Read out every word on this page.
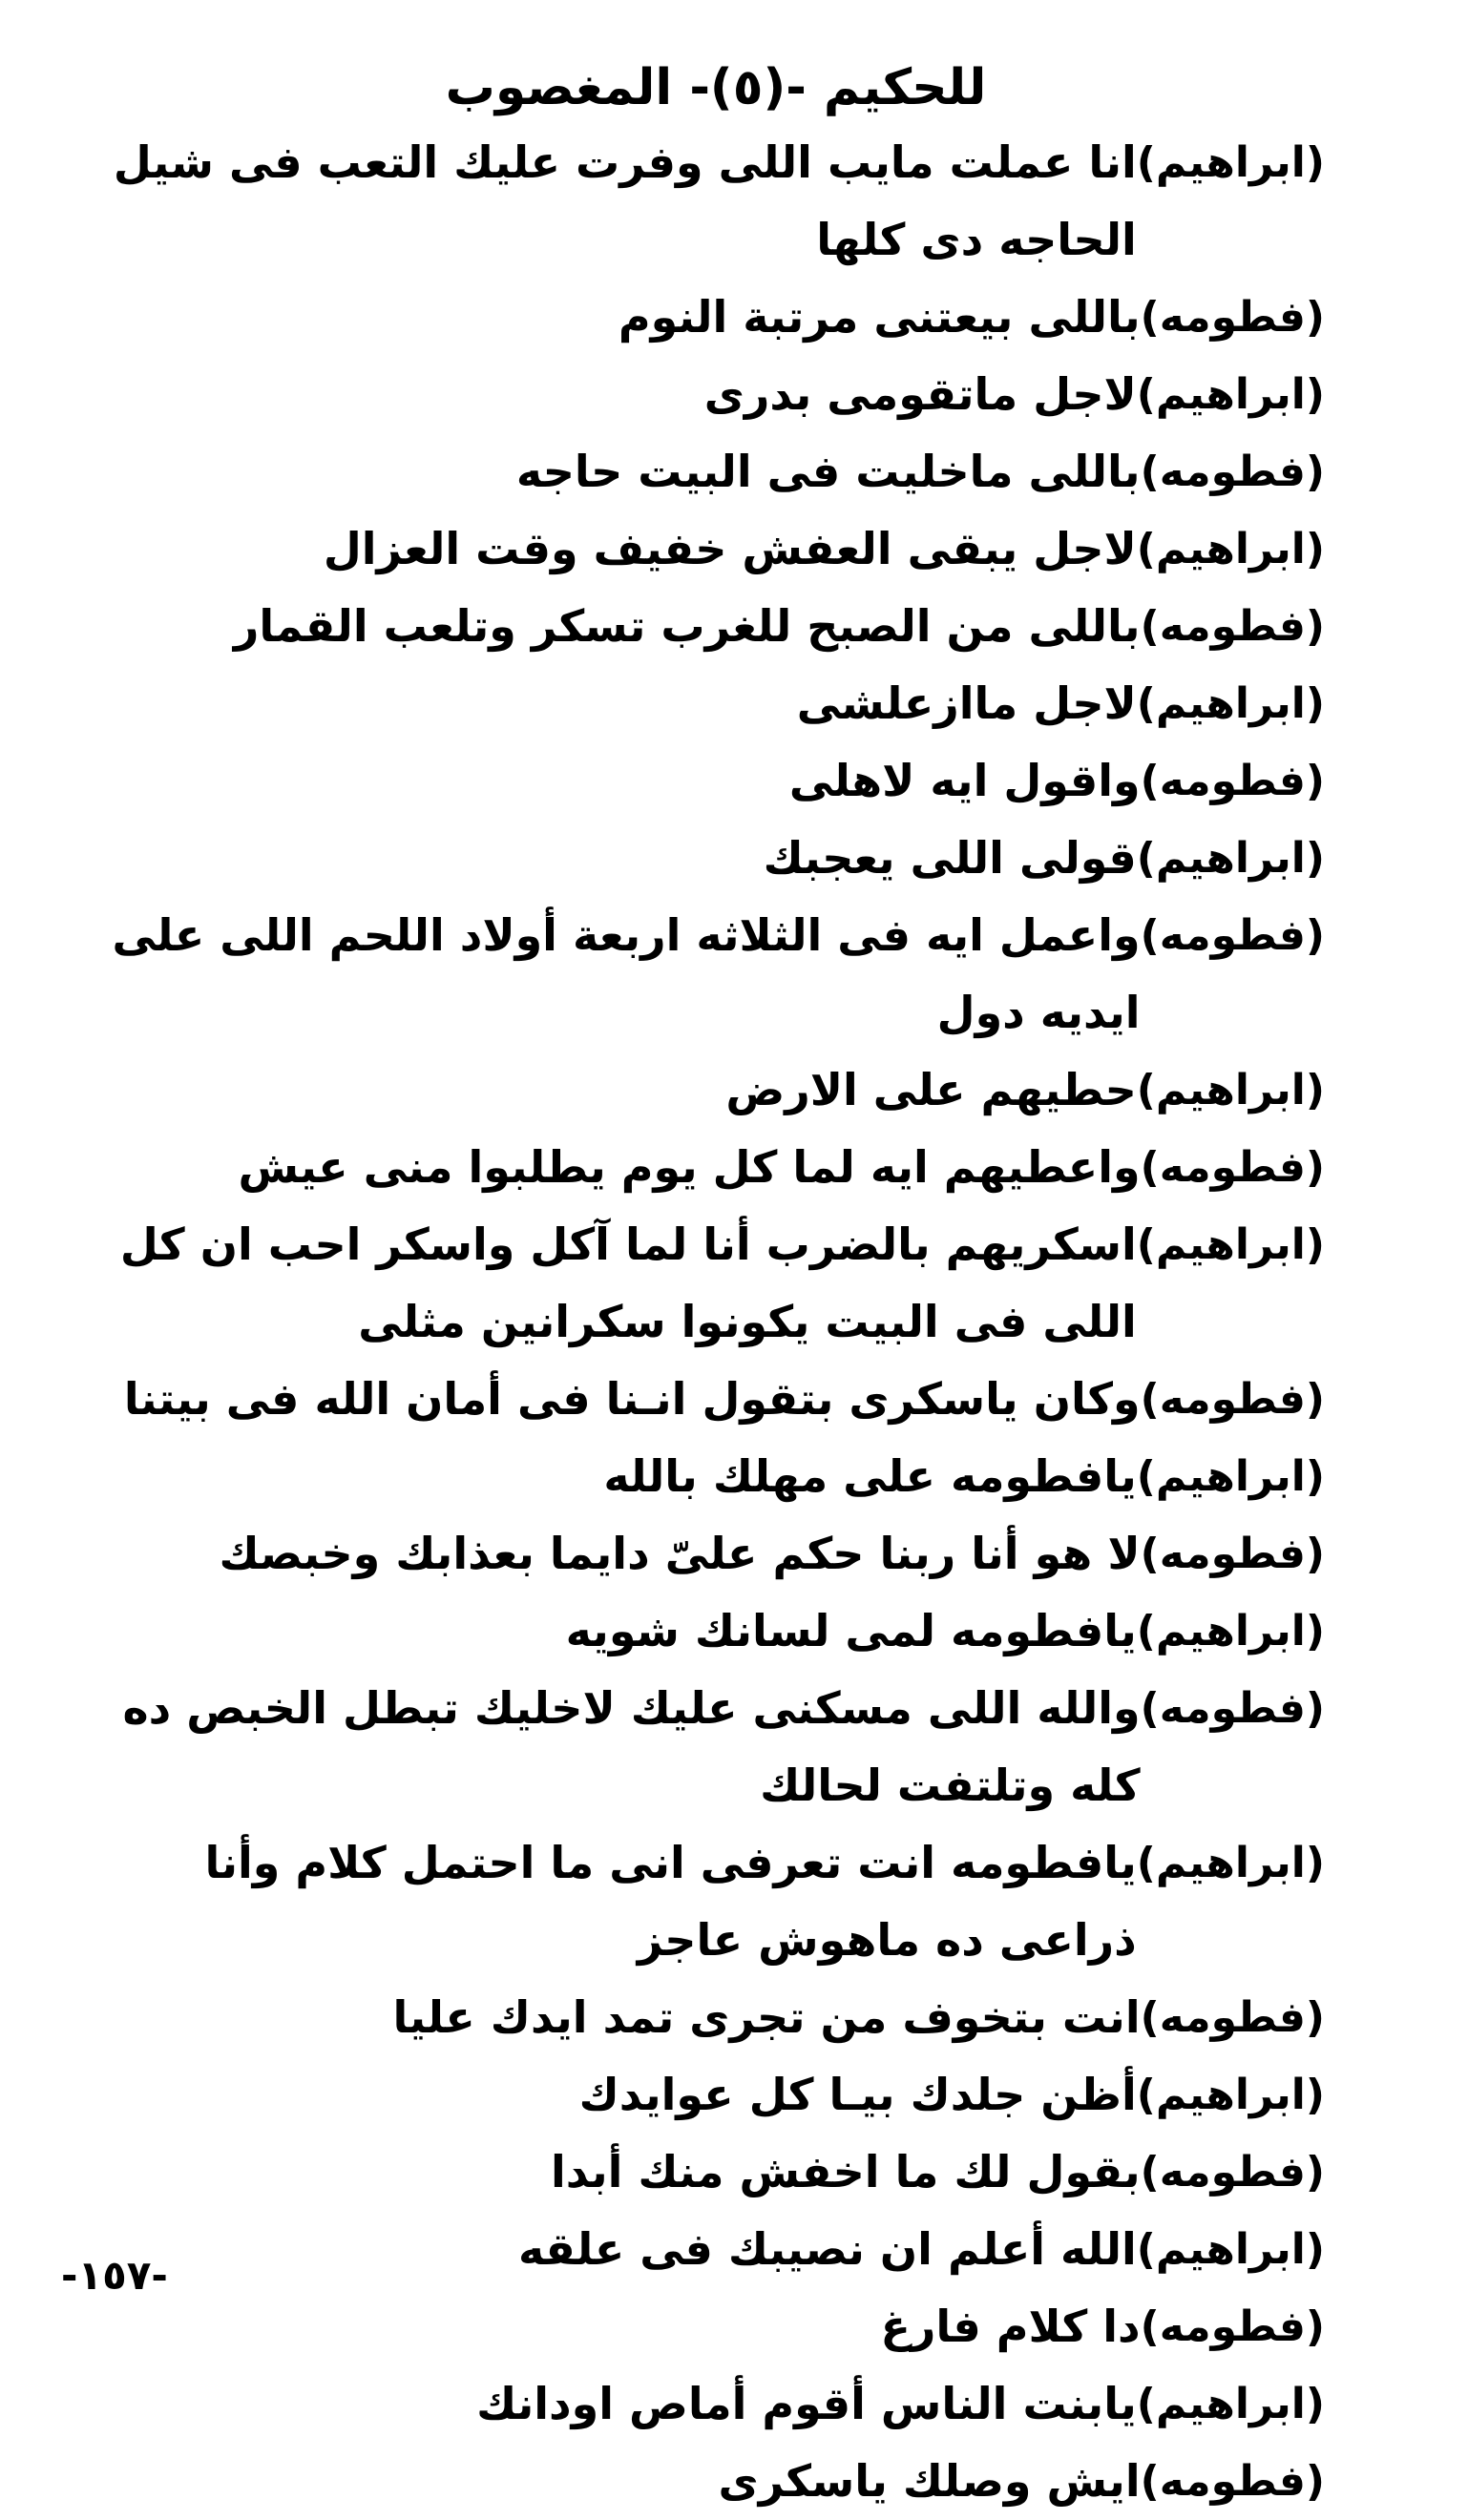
للحكيم -(٥)- المغصوب
(ابراهيم)
انا عملت مايب اللى وفرت عليك التعب فى شيل الحاجه دى كلها
(فطومه)
باللى بيعتنى مرتبة النوم
(ابراهيم)
لاجل ماتقومى بدرى
(فطومه)
باللى ماخليت فى البيت حاجه
(ابراهيم)
لاجل يبقى العفش خفيف وقت العزال
(فطومه)
باللى من الصبح للغرب تسكر وتلعب القمار
(ابراهيم)
لاجل ماازعلشى
(فطومه)
واقول ايه لاهلى
(ابراهيم)
قولى اللى يعجبك
(فطومه)
واعمل ايه فى الثلاثه اربعة أولاد اللحم اللى على ايديه دول
(ابراهيم)
حطيهم على الارض
(فطومه)
واعطيهم ايه لما كل يوم يطلبوا منى عيش
(ابراهيم)
اسكريهم بالضرب أنا لما آكل واسكر احب ان كل اللى فى البيت يكونوا سكرانين مثلى
(فطومه)
وكان ياسكرى بتقول انـنا فى أمان الله فى بيتنا
(ابراهيم)
يافطومه على مهلك بالله
(فطومه)
لا هو أنا ربنا حكم علىّ دايما بعذابك وخبصك
(ابراهيم)
يافطومه لمى لسانك شويه
(فطومه)
والله اللى مسكنى عليك لاخليك تبطل الخبص ده كله وتلتفت لحالك
(ابراهيم)
يافطومه انت تعرفى انى ما احتمل كلام وأنا ذراعى ده ماهوش عاجز
(فطومه)
انت بتخوف من تجرى تمد ايدك عليا
(ابراهيم)
أظن جلدك بيـا كل عوايدك
(فطومه)
بقول لك ما اخفش منك أبدا
(ابراهيم)
الله أعلم ان نصيبك فى علقه
(فطومه)
دا كلام فارغ
(ابراهيم)
يابنت الناس أقوم أماص اودانك
(فطومه)
ايش وصلك ياسكرى
-١٥٧-
